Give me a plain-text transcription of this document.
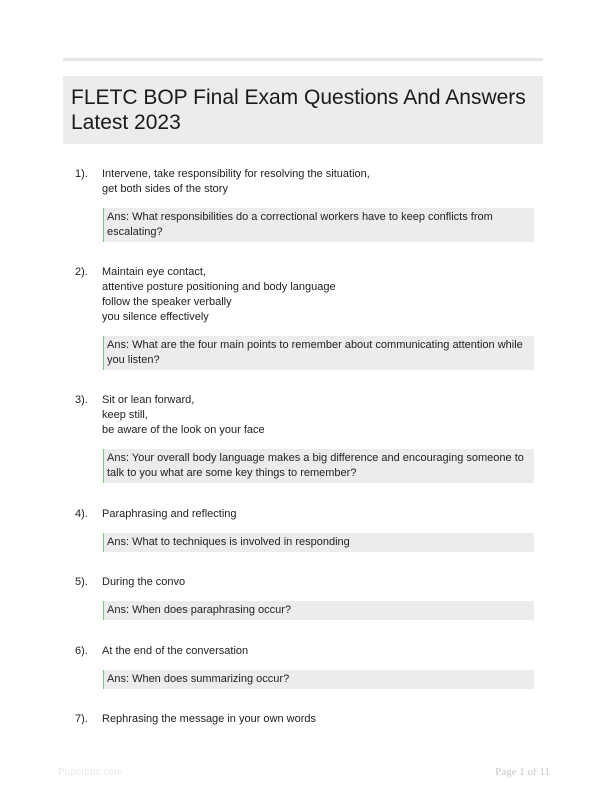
FLETC BOP Final Exam Questions And Answers Latest 2023
1). Intervene, take responsibility for resolving the situation,
get both sides of the story
Ans: What responsibilities do a correctional workers have to keep conflicts from escalating?
2). Maintain eye contact,
attentive posture positioning and body language
follow the speaker verbally
you silence effectively
Ans: What are the four main points to remember about communicating attention while you listen?
3). Sit or lean forward,
keep still,
be aware of the look on your face
Ans: Your overall body language makes a big difference and encouraging someone to talk to you what are some key things to remember?
4). Paraphrasing and reflecting
Ans: What to techniques is involved in responding
5). During the convo
Ans: When does paraphrasing occur?
6). At the end of the conversation
Ans: When does summarizing occur?
7). Rephrasing the message in your own words
Paperbbc.com	Page 1 of 11
